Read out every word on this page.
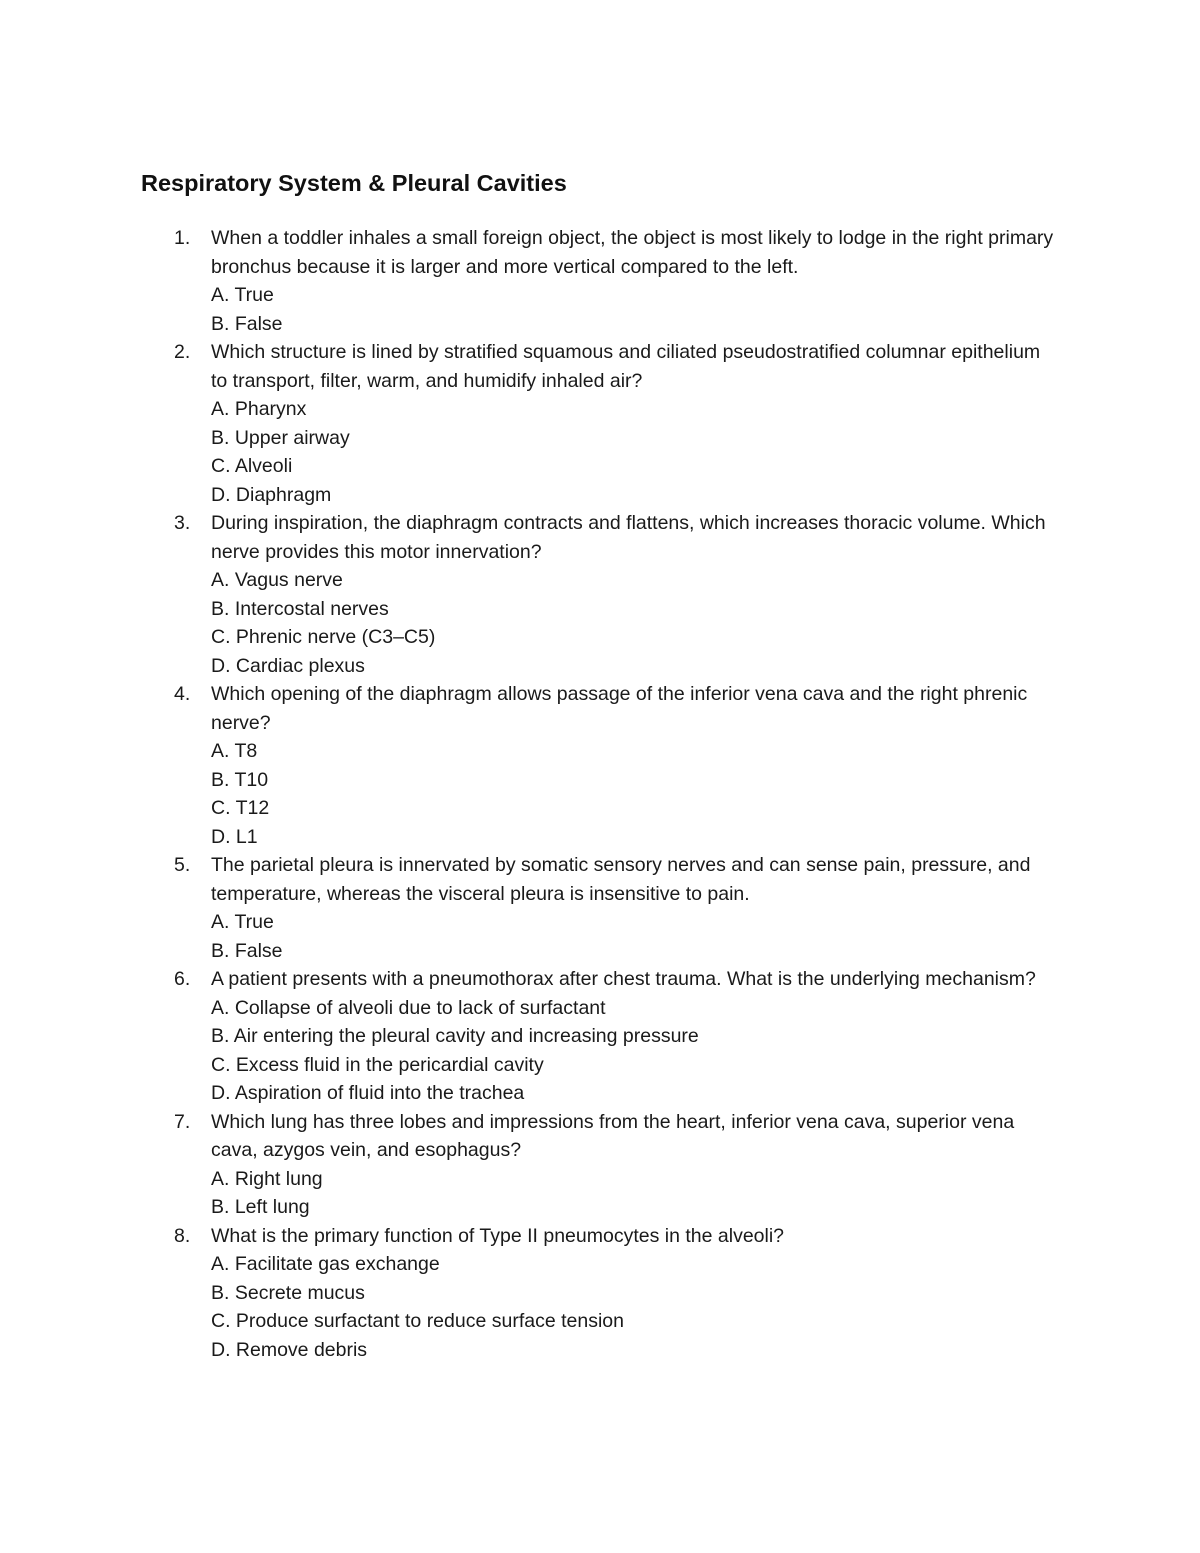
Respiratory System & Pleural Cavities
1. When a toddler inhales a small foreign object, the object is most likely to lodge in the right primary bronchus because it is larger and more vertical compared to the left.
A. True
B. False
2. Which structure is lined by stratified squamous and ciliated pseudostratified columnar epithelium to transport, filter, warm, and humidify inhaled air?
A. Pharynx
B. Upper airway
C. Alveoli
D. Diaphragm
3. During inspiration, the diaphragm contracts and flattens, which increases thoracic volume. Which nerve provides this motor innervation?
A. Vagus nerve
B. Intercostal nerves
C. Phrenic nerve (C3–C5)
D. Cardiac plexus
4. Which opening of the diaphragm allows passage of the inferior vena cava and the right phrenic nerve?
A. T8
B. T10
C. T12
D. L1
5. The parietal pleura is innervated by somatic sensory nerves and can sense pain, pressure, and temperature, whereas the visceral pleura is insensitive to pain.
A. True
B. False
6. A patient presents with a pneumothorax after chest trauma. What is the underlying mechanism?
A. Collapse of alveoli due to lack of surfactant
B. Air entering the pleural cavity and increasing pressure
C. Excess fluid in the pericardial cavity
D. Aspiration of fluid into the trachea
7. Which lung has three lobes and impressions from the heart, inferior vena cava, superior vena cava, azygos vein, and esophagus?
A. Right lung
B. Left lung
8. What is the primary function of Type II pneumocytes in the alveoli?
A. Facilitate gas exchange
B. Secrete mucus
C. Produce surfactant to reduce surface tension
D. Remove debris
